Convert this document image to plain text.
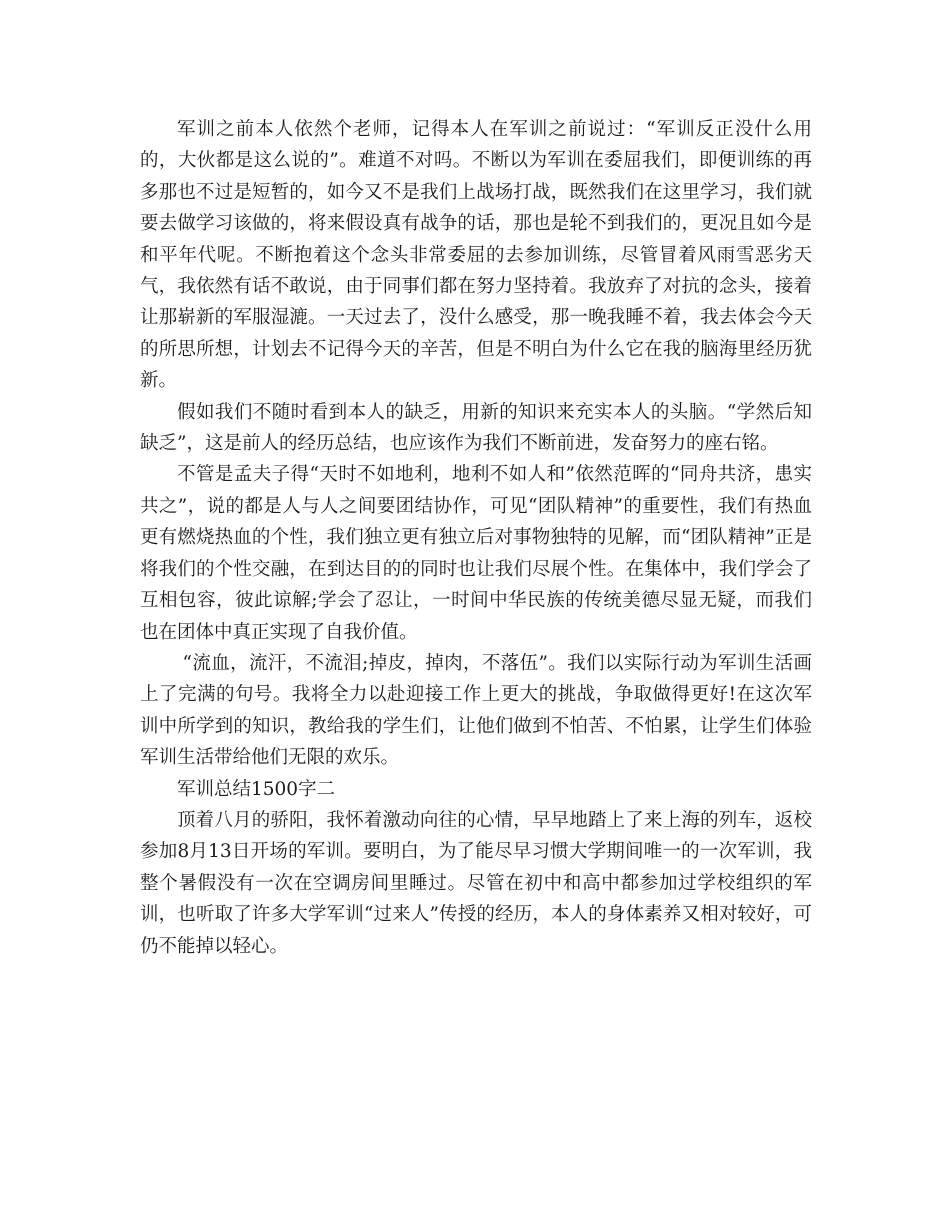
军训之前本人依然个老师，记得本人在军训之前说过：“军训反正没什么用的，大伙都是这么说的”。难道不对吗。不断以为军训在委屈我们，即便训练的再多那也不过是短暂的，如今又不是我们上战场打战，既然我们在这里学习，我们就要去做学习该做的，将来假设真有战争的话，那也是轮不到我们的，更况且如今是和平年代呢。不断抱着这个念头非常委屈的去参加训练，尽管冒着风雨雪恶劣天气，我依然有话不敢说，由于同事们都在努力坚持着。我放弃了对抗的念头，接着让那崭新的军服湿漉。一天过去了，没什么感受，那一晚我睡不着，我去体会今天的所思所想，计划去不记得今天的辛苦，但是不明白为什么它在我的脑海里经历犹新。

假如我们不随时看到本人的缺乏，用新的知识来充实本人的头脑。“学然后知缺乏”，这是前人的经历总结，也应该作为我们不断前进，发奋努力的座右铭。

不管是孟夫子得“天时不如地利，地利不如人和”依然范晖的“同舟共济，患实共之”，说的都是人与人之间要团结协作，可见“团队精神”的重要性，我们有热血更有燃烧热血的个性，我们独立更有独立后对事物独特的见解，而“团队精神”正是将我们的个性交融，在到达目的的同时也让我们尽展个性。在集体中，我们学会了互相包容，彼此谅解;学会了忍让，一时间中华民族的传统美德尽显无疑，而我们也在团体中真正实现了自我价值。

“流血，流汗，不流泪;掉皮，掉肉，不落伍”。我们以实际行动为军训生活画上了完满的句号。我将全力以赴迎接工作上更大的挑战，争取做得更好!在这次军训中所学到的知识，教给我的学生们，让他们做到不怕苦、不怕累，让学生们体验军训生活带给他们无限的欢乐。

军训总结1500字二

顶着八月的骄阳，我怀着激动向往的心情，早早地踏上了来上海的列车，返校参加8月13日开场的军训。要明白，为了能尽早习惯大学期间唯一的一次军训，我整个暑假没有一次在空调房间里睡过。尽管在初中和高中都参加过学校组织的军训，也听取了许多大学军训“过来人”传授的经历，本人的身体素养又相对较好，可仍不能掉以轻心。
